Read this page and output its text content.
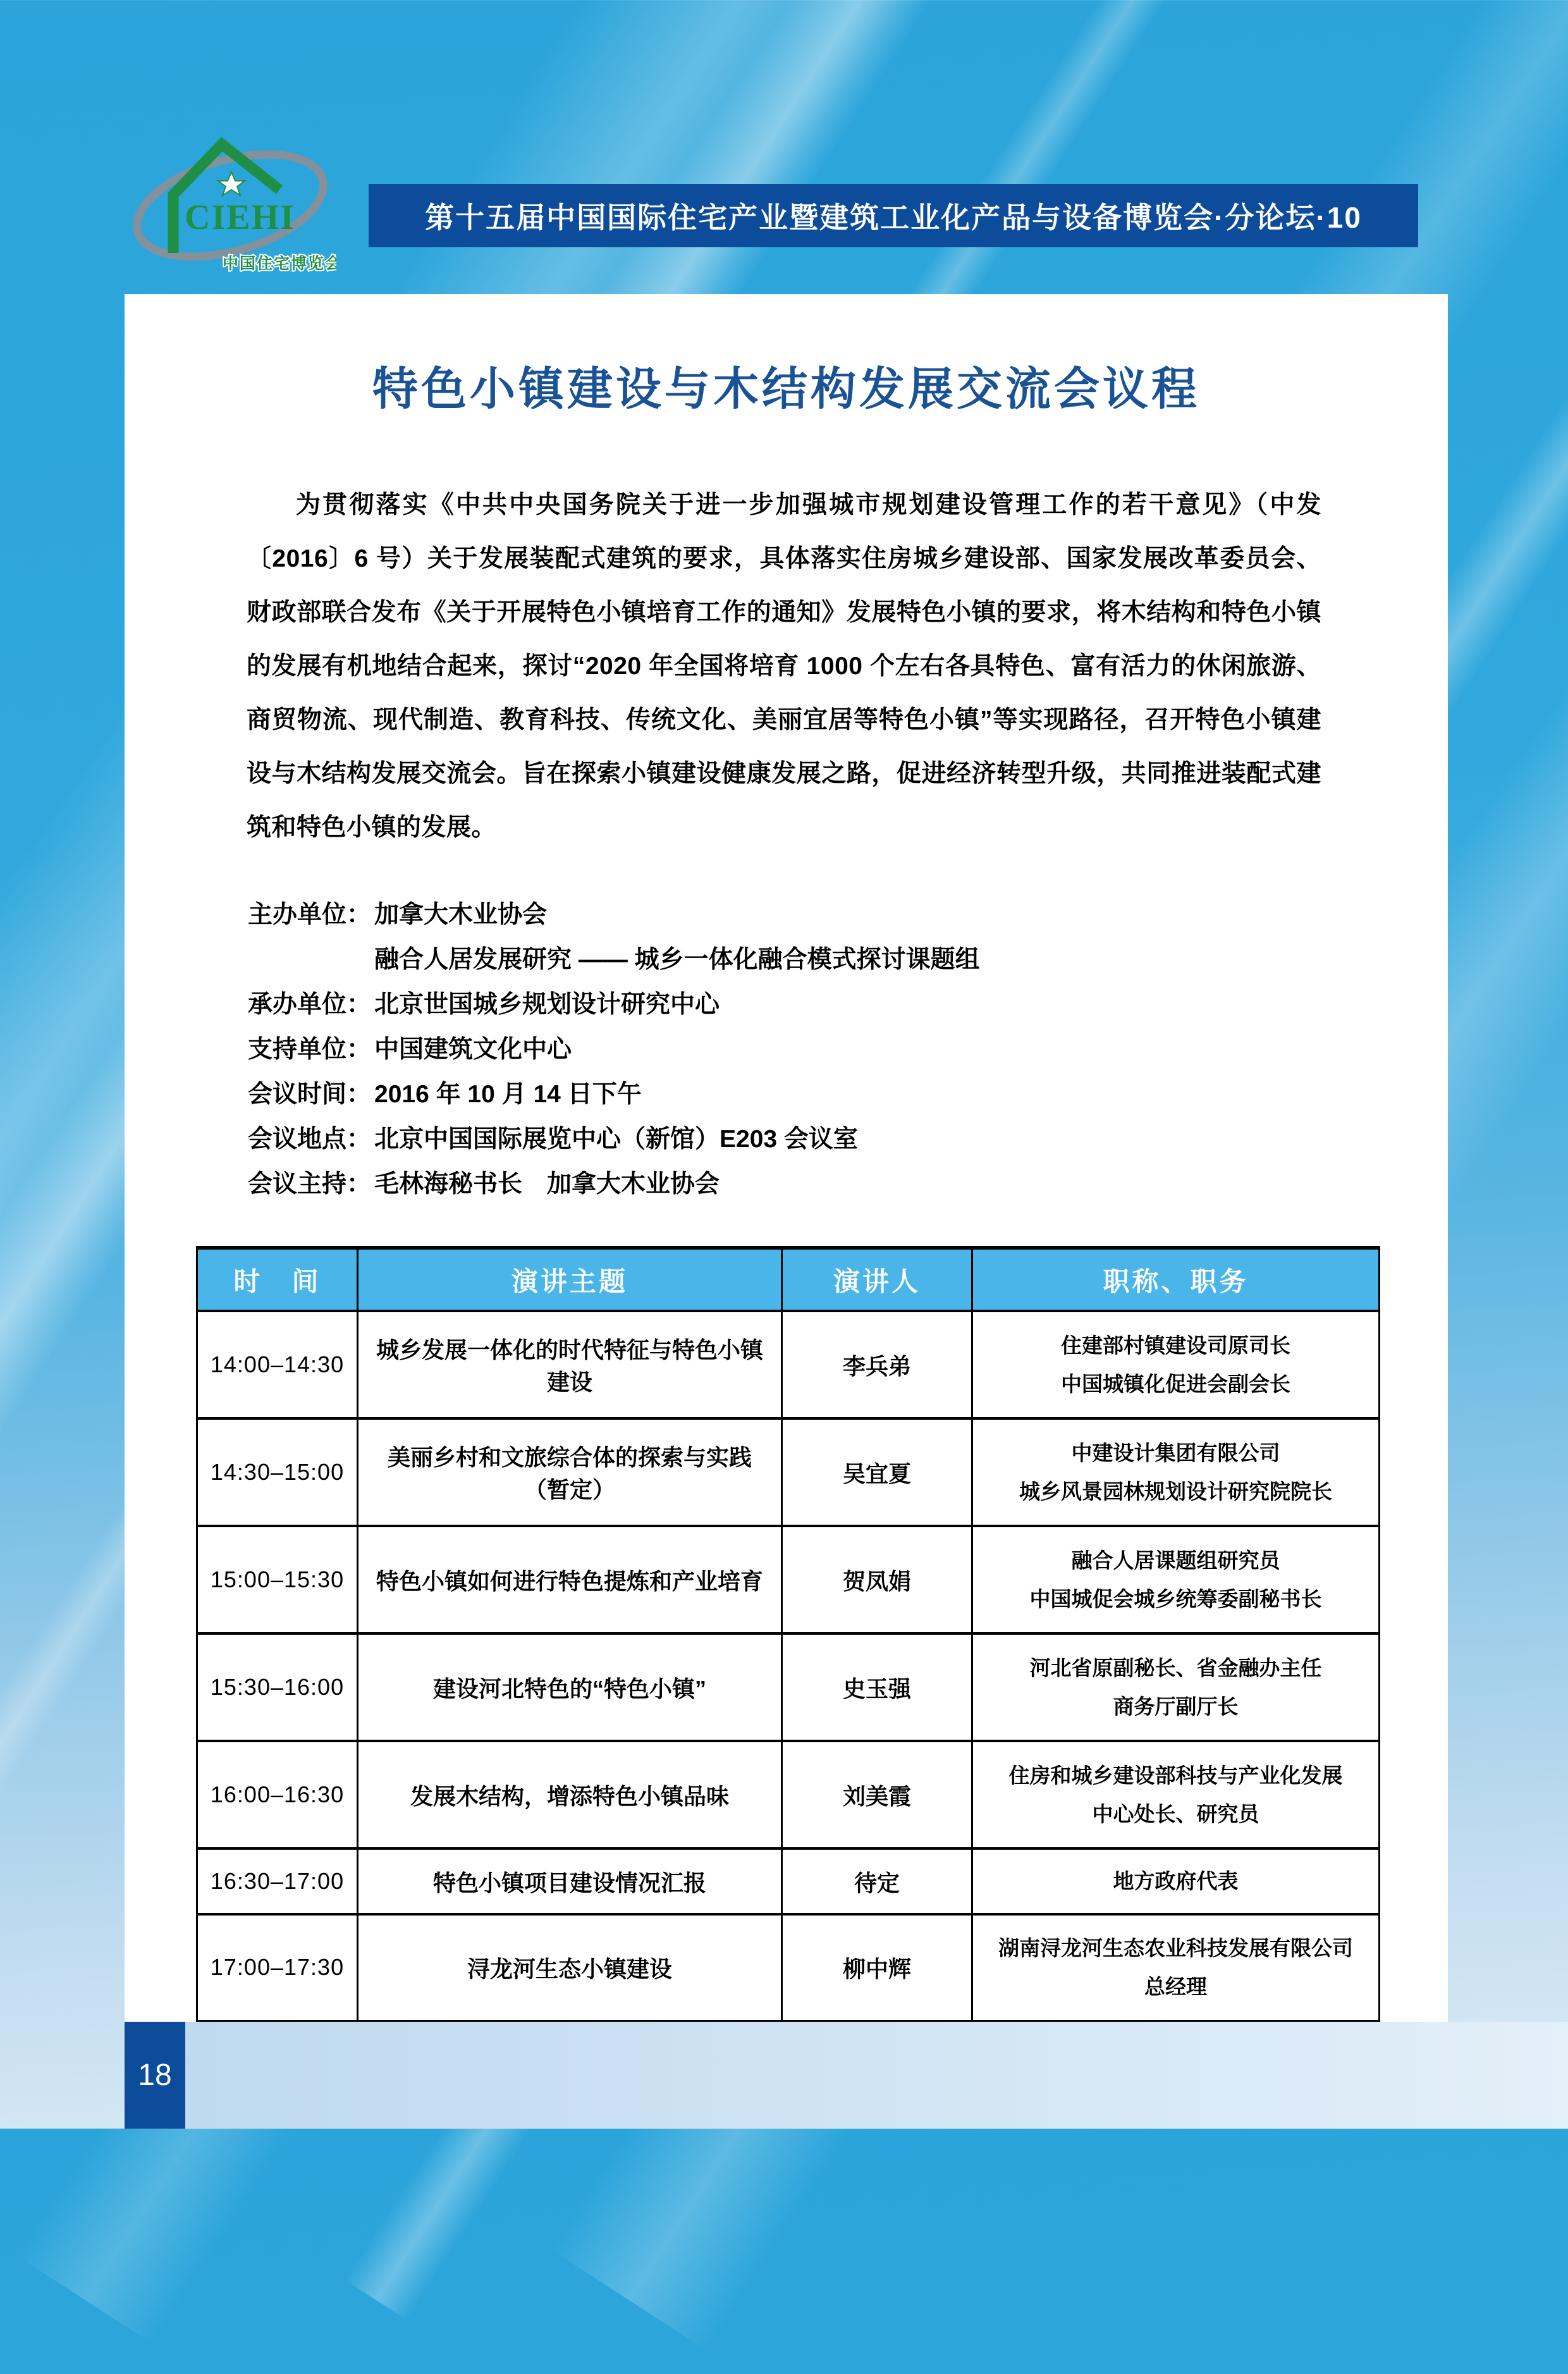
CIEHI
中国住宅博览会
第十五届中国国际住宅产业暨建筑工业化产品与设备博览会·分论坛·10
特色小镇建设与木结构发展交流会议程

为贯彻落实《中共中央国务院关于进一步加强城市规划建设管理工作的若干意见》（中发〔2016〕6 号）关于发展装配式建筑的要求，具体落实住房城乡建设部、国家发展改革委员会、财政部联合发布《关于开展特色小镇培育工作的通知》发展特色小镇的要求，将木结构和特色小镇的发展有机地结合起来，探讨“2020 年全国将培育 1000 个左右各具特色、富有活力的休闲旅游、商贸物流、现代制造、教育科技、传统文化、美丽宜居等特色小镇”等实现路径，召开特色小镇建设与木结构发展交流会。旨在探索小镇建设健康发展之路，促进经济转型升级，共同推进装配式建筑和特色小镇的发展。

主办单位： 加拿大木业协会
融合人居发展研究 —— 城乡一体化融合模式探讨课题组
承办单位： 北京世国城乡规划设计研究中心
支持单位： 中国建筑文化中心
会议时间： 2016 年 10 月 14 日下午
会议地点： 北京中国国际展览中心（新馆）E203 会议室
会议主持： 毛林海秘书长　加拿大木业协会
时　间	演讲主题	演讲人	职称、职务
14:00–14:30	城乡发展一体化的时代特征与特色小镇建设	李兵弟	住建部村镇建设司原司长
中国城镇化促进会副会长

14:30–15:00	美丽乡村和文旅综合体的探索与实践（暂定）	吴宜夏	中建设计集团有限公司
城乡风景园林规划设计研究院院长

15:00–15:30	特色小镇如何进行特色提炼和产业培育	贺凤娟	融合人居课题组研究员
中国城促会城乡统筹委副秘书长

15:30–16:00	建设河北特色的“特色小镇”	史玉强	河北省原副秘长、省金融办主任
商务厅副厅长

16:00–16:30	发展木结构，增添特色小镇品味	刘美霞	住房和城乡建设部科技与产业化发展
中心处长、研究员

16:30–17:00	特色小镇项目建设情况汇报	待定	地方政府代表

17:00–17:30	浔龙河生态小镇建设	柳中辉	湖南浔龙河生态农业科技发展有限公司
总经理

18
